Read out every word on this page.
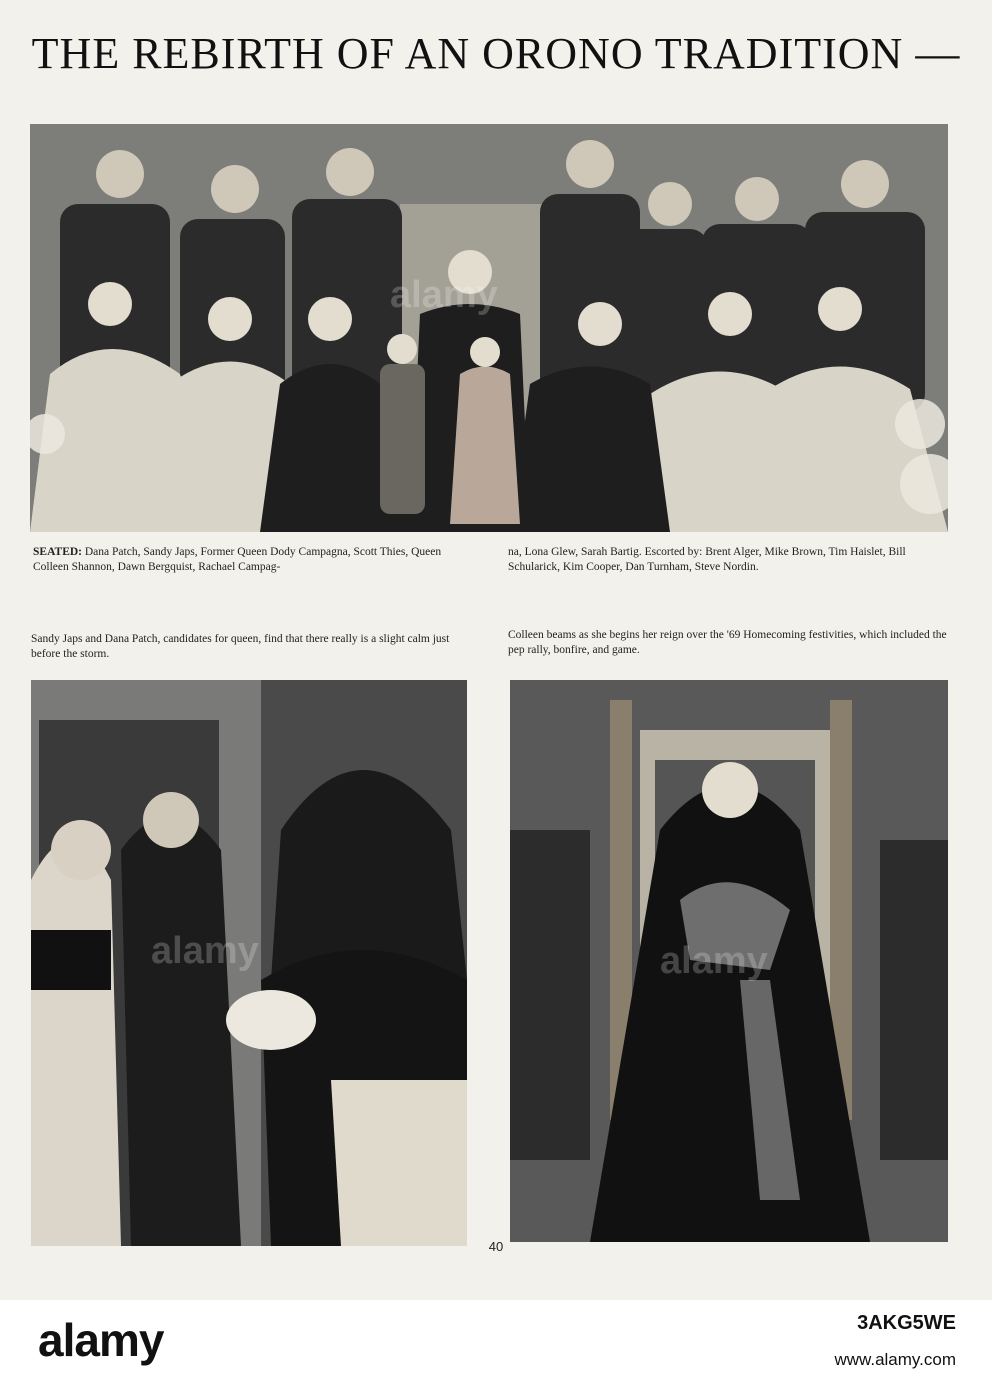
THE REBIRTH OF AN ORONO TRADITION —
alamy

SEATED: Dana Patch, Sandy Japs, Former Queen Dody Campagna, Scott Thies, Queen Colleen Shannon, Dawn Bergquist, Rachael Campag-

na, Lona Glew, Sarah Bartig. Escorted by: Brent Alger, Mike Brown, Tim Haislet, Bill Schularick, Kim Cooper, Dan Turnham, Steve Nordin.

Sandy Japs and Dana Patch, candidates for queen, find that there really is a slight calm just before the storm.

Colleen beams as she begins her reign over the '69 Homecoming festivities, which included the pep rally, bonfire, and game.

alamy	alamy
40
alamy	3AKG5WE
www.alamy.com
